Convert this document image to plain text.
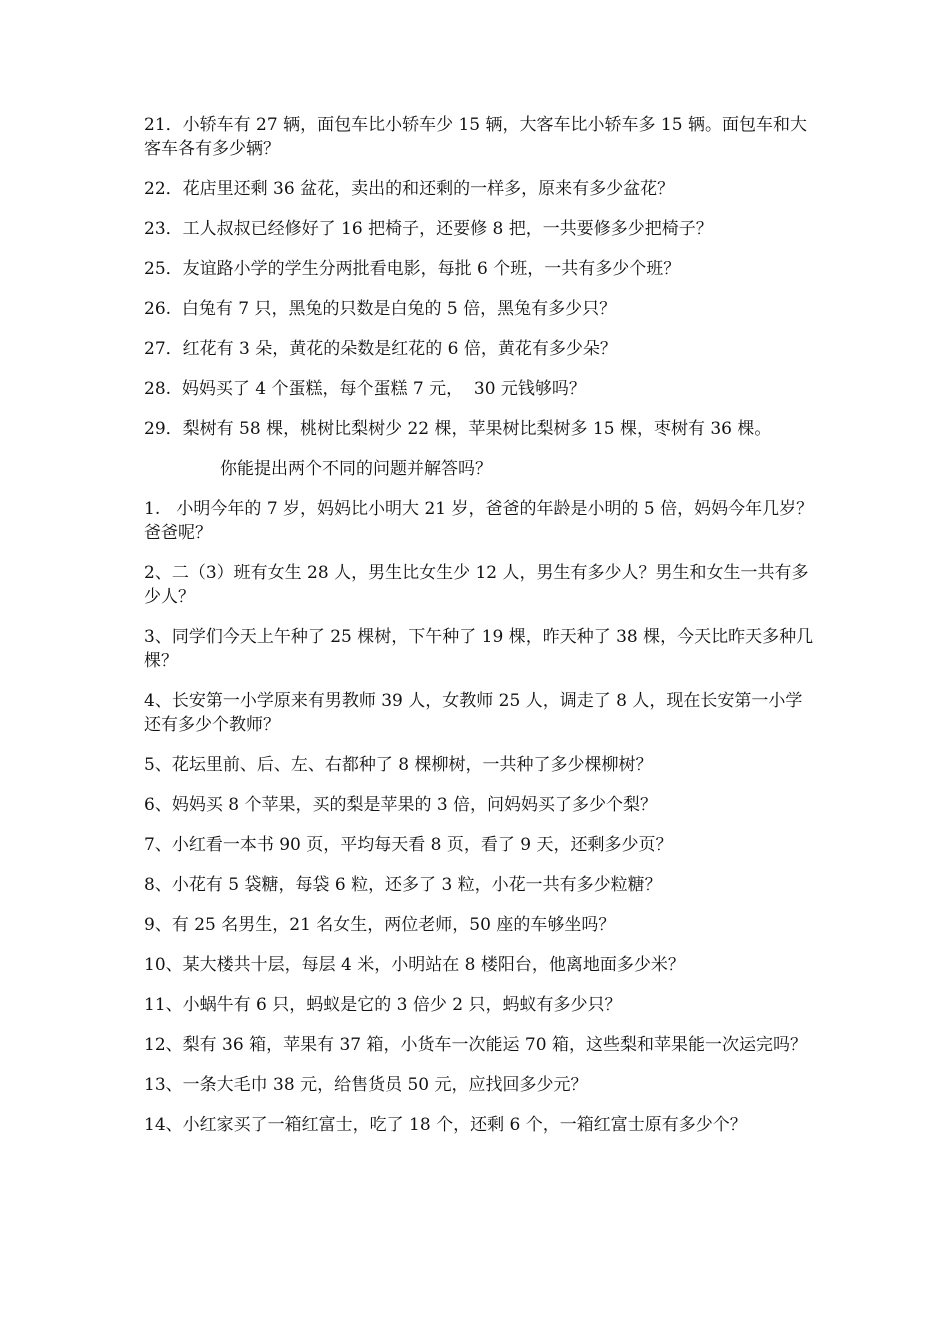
21．小轿车有 27 辆，面包车比小轿车少 15 辆，大客车比小轿车多 15 辆。面包车和大客车各有多少辆？

22．花店里还剩 36 盆花，卖出的和还剩的一样多，原来有多少盆花？

23．工人叔叔已经修好了 16 把椅子，还要修 8 把，一共要修多少把椅子？

25．友谊路小学的学生分两批看电影，每批 6 个班，一共有多少个班？

26.  白兔有 7 只，黑兔的只数是白兔的 5 倍，黑兔有多少只？

27．红花有 3 朵，黄花的朵数是红花的 6 倍，黄花有多少朵？

28.  妈妈买了 4 个蛋糕，每个蛋糕 7 元，  30 元钱够吗？

29．梨树有 58 棵，桃树比梨树少 22 棵，苹果树比梨树多 15 棵，枣树有 36 棵。

你能提出两个不同的问题并解答吗？

1.   小明今年的 7 岁，妈妈比小明大 21 岁，爸爸的年龄是小明的 5 倍，妈妈今年几岁？爸爸呢？

2、二（3）班有女生 28 人，男生比女生少 12 人，男生有多少人？男生和女生一共有多少人？

3、同学们今天上午种了 25 棵树，下午种了 19 棵，昨天种了 38 棵，今天比昨天多种几棵？

4、长安第一小学原来有男教师 39 人，女教师 25 人，调走了 8 人，现在长安第一小学还有多少个教师？

5、花坛里前、后、左、右都种了 8 棵柳树，一共种了多少棵柳树？

6、妈妈买 8 个苹果，买的梨是苹果的 3 倍，问妈妈买了多少个梨？

7、小红看一本书 90 页，平均每天看 8 页，看了 9 天，还剩多少页？

8、小花有 5 袋糖，每袋 6 粒，还多了 3 粒，小花一共有多少粒糖？

9、有 25 名男生，21 名女生，两位老师，50 座的车够坐吗？

10、某大楼共十层，每层 4 米，小明站在 8 楼阳台，他离地面多少米？

11、小蜗牛有 6 只，蚂蚁是它的 3 倍少 2 只，蚂蚁有多少只？

12、梨有 36 箱，苹果有 37 箱，小货车一次能运 70 箱，这些梨和苹果能一次运完吗？

13、一条大毛巾 38 元，给售货员 50 元，应找回多少元？

14、小红家买了一箱红富士，吃了 18 个，还剩 6 个，一箱红富士原有多少个？
